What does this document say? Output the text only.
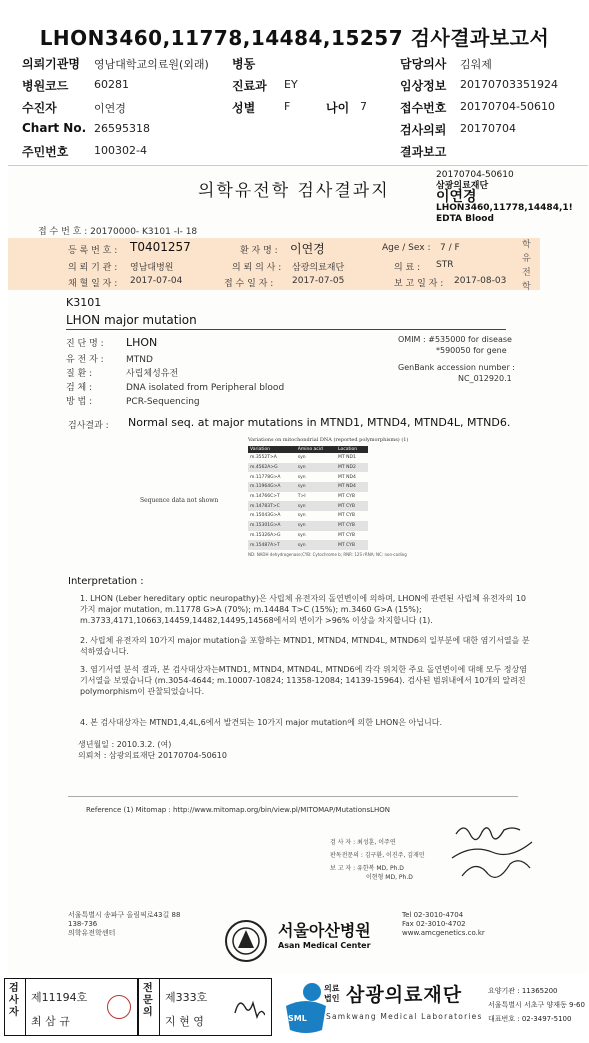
LHON3460,11778,14484,15257 검사결과보고서
의뢰기관명 영남대학교의료원(외래) 병동	담당의사 김워제
병원코드 60281	진료과 EY	임상정보 20170703351924
수진자	이연경	성별	F	나이 7	접수번호 20170704-50610
Chart No. 26595318	검사의뢰 20170704
주민번호 100302-4	결과보고
의학유전학 검사결과지
20170704-50610
삼광의료재단
이연경
LHON3460,11778,14484,1!
EDTA Blood
접 수 번 호 : 20170000- K3101 -I- 18
학유전학
등 록 번 호 : T0401257	환 자 명 : 이연경	Age / Sex : 7 / F
의 뢰 기 관 : 영남대병원	의 뢰 의 사 : 삼광의료재단	의 료 : STR
채 혈 일 자 : 2017-07-04	접 수 일 자 : 2017-07-05	보 고 일 자 : 2017-08-03
K3101
LHON major mutation
진 단 명 : LHON
유 전 자 : MTND
질 환 :	사립체성유전
검 체 :	DNA isolated from Peripheral blood
방 법 :	PCR-Sequencing
OMIM : #535000 for disease
*590050 for gene
GenBank accession number :
NC_012920.1
검사결과 : Normal seq. at major mutations in MTND1, MTND4, MTND4L, MTND6.
Variations on mitochondrial DNA (reported polymorphisms) (1)
Variation	Amino acid	Location
m.3552T>A	syn	MT ND1
m.4562A>G	syn	MT ND2
m.11778G>A	syn	MT ND4
m.11964G>A	syn	MT ND4
m.14766C>T	T>I	MT CYB
m.14783T>C	syn	MT CYB
m.15043G>A	syn	MT CYB
m.15301G>A	syn	MT CYB
m.15326A>G	syn	MT CYB
m.15487A>T	syn	MT CYB
ND: NADH dehydrogenase;CYB: Cytochrome b; RNR: 12S rRNA; NC: non-coding
Sequence data not shown
Interpretation :
1. LHON (Leber hereditary optic neuropathy)은 사립체 유전자의 돌연변이에 의하며, LHON에 관련된 사립체 유전자의 10가지 major mutation, m.11778 G>A (70%); m.14484 T>C (15%); m.3460 G>A (15%); m.3733,4171,10663,14459,14482,14495,14568에서의 변이가 >96% 이상을 차지합니다 (1).
2. 사립체 유전자의 10가지 major mutation을 포함하는 MTND1, MTND4, MTND4L, MTND6의 일부분에 대한 염기서열을 분석하였습니다.
3. 염기서열 분석 결과, 본 검사대상자는MTND1, MTND4, MTND4L, MTND6에 각각 위치한 주요 돌연변이에 대해 모두 정상염기서열을 보였습니다 (m.3054-4644; m.10007-10824; 11358-12084; 14139-15964). 검사된 범위내에서 10개의 알려진 polymorphism이 관찰되었습니다.
4. 본 검사대상자는 MTND1,4,4L,6에서 발견되는 10가지 major mutation에 의한 LHON은 아닙니다.
생년월일 : 2010.3.2. (여)
의뢰처 : 삼광의료재단 20170704-50610
Reference (1) Mitomap : http://www.mitomap.org/bin/view.pl/MITOMAP/MutationsLHON
검 사 자 : 최성훈, 이주연
판독전문의 : 김구환, 이진주, 김재민
보 고 자 : 유한복 MD, Ph.D
이현형 MD, Ph.D
서울특별시 송파구 올림픽로43길 88
138-736
의학유전학센터	서울아산병원
Asan Medical Center
Tel 02-3010-4704
Fax 02-3010-4702
www.amcgenetics.co.kr
검사자
제11194호
최 삼 규
전문의
제333호
지 현 영	SML
의료
법인 삼광의료재단
Samkwang Medical Laboratories
요양기관 : 11365200
서울특별시 서초구 양재동 9-60
대표번호 : 02-3497-5100
